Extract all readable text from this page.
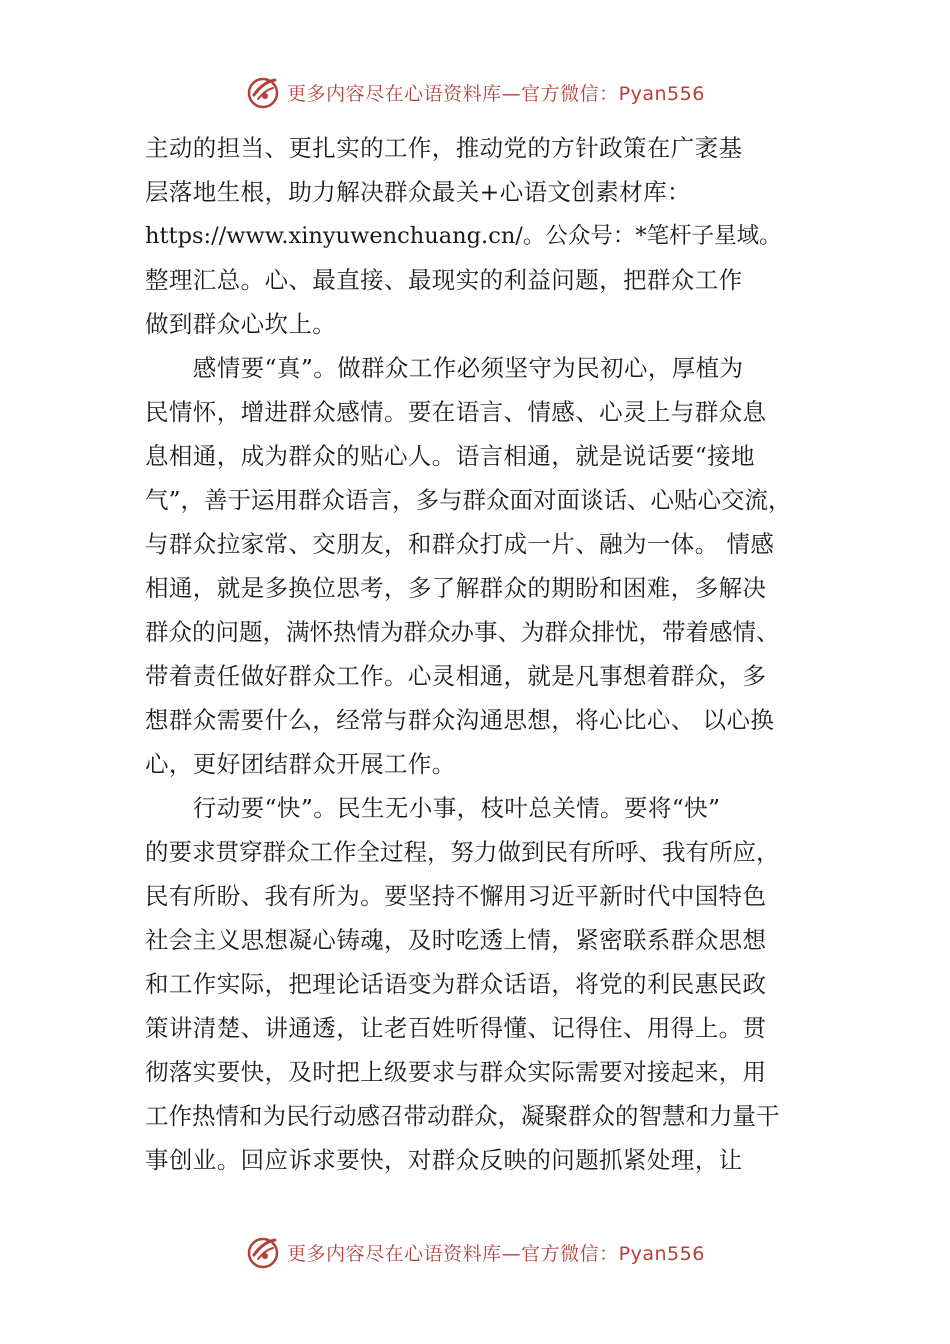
更多内容尽在心语资料库—官方微信：Pyan556
主动的担当、更扎实的工作，推动党的方针政策在广袤基
层落地生根，助力解决群众最关+心语文创素材库：
https://www.xinyuwenchuang.cn/。公众号：*笔杆子星域。
整理汇总。心、最直接、最现实的利益问题，把群众工作
做到群众心坎上。
　　感情要“真”。做群众工作必须坚守为民初心，厚植为
民情怀，增进群众感情。要在语言、情感、心灵上与群众息
息相通，成为群众的贴心人。语言相通，就是说话要“接地
气”，善于运用群众语言，多与群众面对面谈话、心贴心交流，
与群众拉家常、交朋友，和群众打成一片、融为一体。 情感
相通，就是多换位思考，多了解群众的期盼和困难，多解决
群众的问题，满怀热情为群众办事、为群众排忧，带着感情、
带着责任做好群众工作。心灵相通，就是凡事想着群众，多
想群众需要什么，经常与群众沟通思想，将心比心、 以心换
心，更好团结群众开展工作。
　　行动要“快”。民生无小事，枝叶总关情。要将“快”
的要求贯穿群众工作全过程，努力做到民有所呼、我有所应，
民有所盼、我有所为。要坚持不懈用习近平新时代中国特色
社会主义思想凝心铸魂，及时吃透上情，紧密联系群众思想
和工作实际，把理论话语变为群众话语，将党的利民惠民政
策讲清楚、讲通透，让老百姓听得懂、记得住、用得上。贯
彻落实要快，及时把上级要求与群众实际需要对接起来，用
工作热情和为民行动感召带动群众，凝聚群众的智慧和力量干
事创业。回应诉求要快，对群众反映的问题抓紧处理，让
更多内容尽在心语资料库—官方微信：Pyan556
